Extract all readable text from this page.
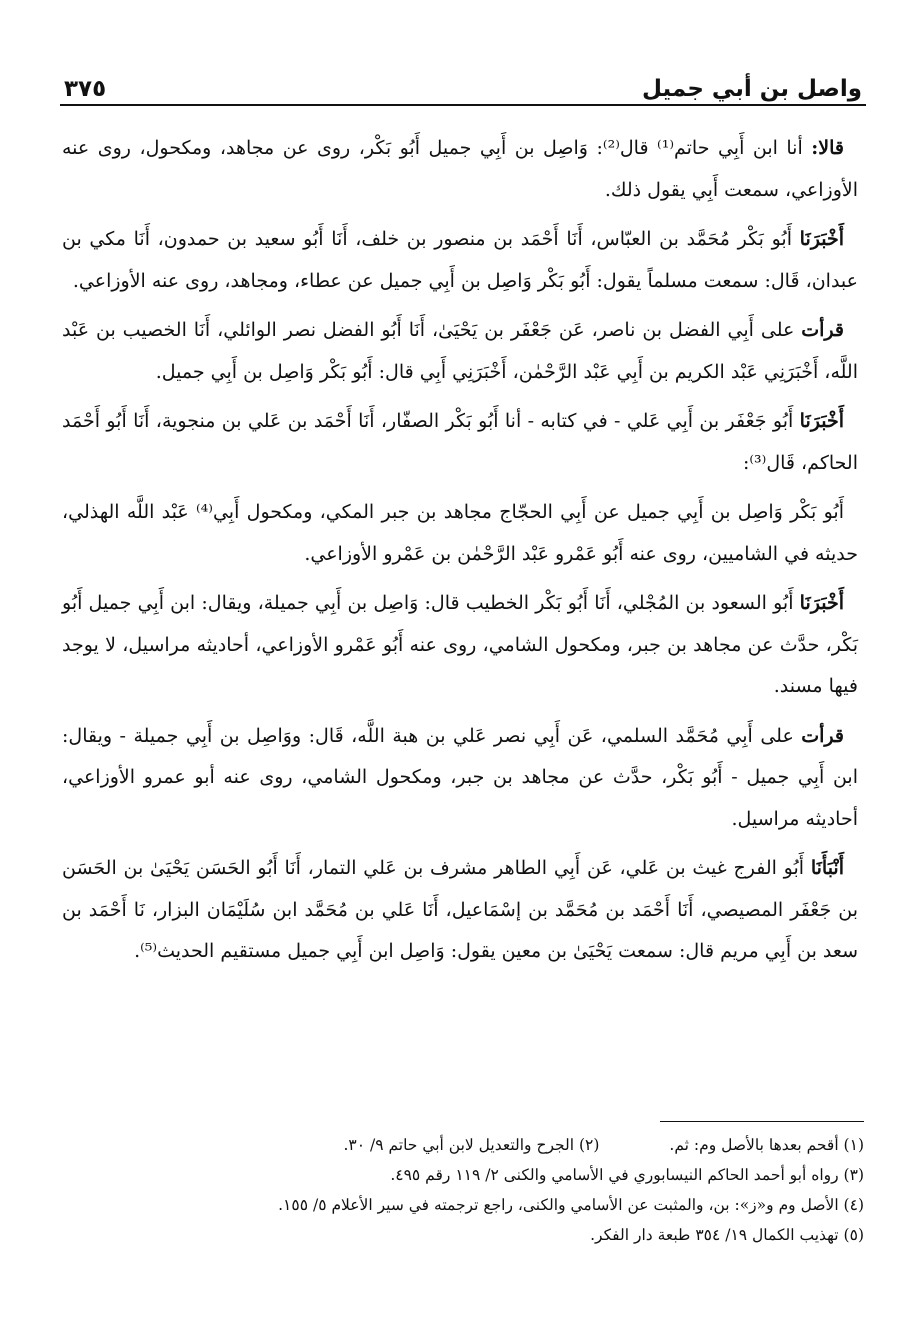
واصل بن أبي جميل
٣٧٥

قالا: أنا ابن أَبِي حاتم⁽¹⁾ قال⁽²⁾: وَاصِل بن أَبِي جميل أَبُو بَكْر، روى عن مجاهد، ومكحول، روى عنه الأوزاعي، سمعت أَبِي يقول ذلك.

أَخْبَرَنَا أَبُو بَكْر مُحَمَّد بن العبّاس، أَنَا أَحْمَد بن منصور بن خلف، أَنَا أَبُو سعيد بن حمدون، أَنَا مكي بن عبدان، قَال: سمعت مسلماً يقول: أَبُو بَكْر وَاصِل بن أَبِي جميل عن عطاء، ومجاهد، روى عنه الأوزاعي.

قرأت على أَبِي الفضل بن ناصر، عَن جَعْفَر بن يَحْيَىٰ، أَنَا أَبُو الفضل نصر الوائلي، أَنَا الخصيب بن عَبْد اللَّه، أَخْبَرَنِي عَبْد الكريم بن أَبِي عَبْد الرَّحْمٰن، أَخْبَرَنِي أَبِي قال: أَبُو بَكْر وَاصِل بن أَبِي جميل.

أَخْبَرَنَا أَبُو جَعْفَر بن أَبِي عَلي - في كتابه - أنا أَبُو بَكْر الصفّار، أَنَا أَحْمَد بن عَلي بن منجوية، أَنَا أَبُو أَحْمَد الحاكم، قَال⁽³⁾:

أَبُو بَكْر وَاصِل بن أَبِي جميل عن أَبِي الحجّاج مجاهد بن جبر المكي، ومكحول أَبِي⁽⁴⁾ عَبْد اللَّه الهذلي، حديثه في الشاميين، روى عنه أَبُو عَمْرو عَبْد الرَّحْمٰن بن عَمْرو الأوزاعي.

أَخْبَرَنَا أَبُو السعود بن المُجْلي، أَنَا أَبُو بَكْر الخطيب قال: وَاصِل بن أَبِي جميلة، ويقال: ابن أَبِي جميل أَبُو بَكْر، حدَّث عن مجاهد بن جبر، ومكحول الشامي، روى عنه أَبُو عَمْرو الأوزاعي، أحاديثه مراسيل، لا يوجد فيها مسند.

قرأت على أَبِي مُحَمَّد السلمي، عَن أَبِي نصر عَلي بن هبة اللَّه، قَال: ووَاصِل بن أَبِي جميلة - ويقال: ابن أَبِي جميل - أَبُو بَكْر، حدَّث عن مجاهد بن جبر، ومكحول الشامي، روى عنه أبو عمرو الأوزاعي، أحاديثه مراسيل.

أَنْبَأَنَا أَبُو الفرج غيث بن عَلي، عَن أَبِي الطاهر مشرف بن عَلي التمار، أَنَا أَبُو الحَسَن يَحْيَىٰ بن الحَسَن بن جَعْفَر المصيصي، أَنَا أَحْمَد بن مُحَمَّد بن إسْمَاعيل، أَنَا عَلي بن مُحَمَّد ابن سُلَيْمَان البزار، نَا أَحْمَد بن سعد بن أَبِي مريم قال: سمعت يَحْيَىٰ بن معين يقول: وَاصِل ابن أَبِي جميل مستقيم الحديث⁽⁵⁾.

(١) أقحم بعدها بالأصل وم: ثم.
(٢) الجرح والتعديل لابن أبي حاتم ٩/ ٣٠.
(٣) رواه أبو أحمد الحاكم النيسابوري في الأسامي والكنى ٢/ ١١٩ رقم ٤٩٥.
(٤) الأصل وم و«ز»: بن، والمثبت عن الأسامي والكنى، راجع ترجمته في سير الأعلام ٥/ ١٥٥.
(٥) تهذيب الكمال ١٩/ ٣٥٤ طبعة دار الفكر.
